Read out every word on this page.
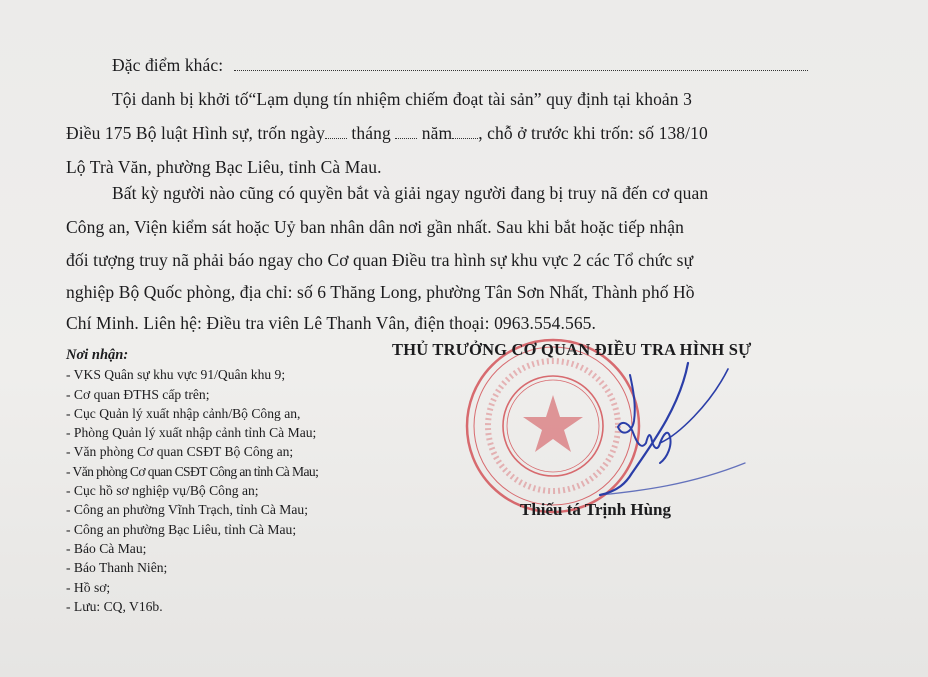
Đặc điểm khác:
Tội danh bị khởi tố“Lạm dụng tín nhiệm chiếm đoạt tài sản” quy định tại khoản 3
Điều 175 Bộ luật Hình sự, trốn ngày tháng năm , chỗ ở trước khi trốn: số 138/10
Lộ Trà Văn, phường Bạc Liêu, tỉnh Cà Mau.
Bất kỳ người nào cũng có quyền bắt và giải ngay người đang bị truy nã đến cơ quan
Công an, Viện kiểm sát hoặc Uỷ ban nhân dân nơi gần nhất. Sau khi bắt hoặc tiếp nhận
đối tượng truy nã phải báo ngay cho Cơ quan Điều tra hình sự khu vực 2 các Tổ chức sự
nghiệp Bộ Quốc phòng, địa chỉ: số 6 Thăng Long, phường Tân Sơn Nhất, Thành phố Hồ
Chí Minh. Liên hệ: Điều tra viên Lê Thanh Vân, điện thoại: 0963.554.565.
Nơi nhận:
- VKS Quân sự khu vực 91/Quân khu 9;
- Cơ quan ĐTHS cấp trên;
- Cục Quản lý xuất nhập cảnh/Bộ Công an,
- Phòng Quản lý xuất nhập cảnh tỉnh Cà Mau;
- Văn phòng Cơ quan CSĐT Bộ Công an;
- Văn phòng Cơ quan CSĐT Công an tỉnh Cà Mau;
- Cục hồ sơ nghiệp vụ/Bộ Công an;
- Công an phường Vĩnh Trạch, tỉnh Cà Mau;
- Công an phường Bạc Liêu, tỉnh Cà Mau;
- Báo Cà Mau;
- Báo Thanh Niên;
- Hồ sơ;
- Lưu: CQ, V16b.
THỦ TRƯỞNG CƠ QUAN ĐIỀU TRA HÌNH SỰ
Thiếu tá Trịnh Hùng
